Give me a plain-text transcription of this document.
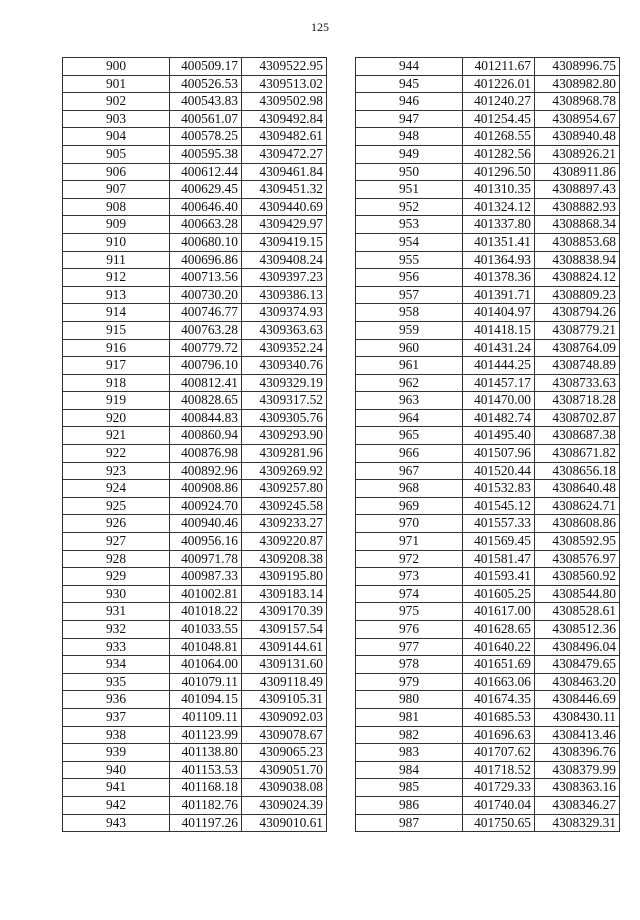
125
900	400509.17	4309522.95
901	400526.53	4309513.02
902	400543.83	4309502.98
903	400561.07	4309492.84
904	400578.25	4309482.61
905	400595.38	4309472.27
906	400612.44	4309461.84
907	400629.45	4309451.32
908	400646.40	4309440.69
909	400663.28	4309429.97
910	400680.10	4309419.15
911	400696.86	4309408.24
912	400713.56	4309397.23
913	400730.20	4309386.13
914	400746.77	4309374.93
915	400763.28	4309363.63
916	400779.72	4309352.24
917	400796.10	4309340.76
918	400812.41	4309329.19
919	400828.65	4309317.52
920	400844.83	4309305.76
921	400860.94	4309293.90
922	400876.98	4309281.96
923	400892.96	4309269.92
924	400908.86	4309257.80
925	400924.70	4309245.58
926	400940.46	4309233.27
927	400956.16	4309220.87
928	400971.78	4309208.38
929	400987.33	4309195.80
930	401002.81	4309183.14
931	401018.22	4309170.39
932	401033.55	4309157.54
933	401048.81	4309144.61
934	401064.00	4309131.60
935	401079.11	4309118.49
936	401094.15	4309105.31
937	401109.11	4309092.03
938	401123.99	4309078.67
939	401138.80	4309065.23
940	401153.53	4309051.70
941	401168.18	4309038.08
942	401182.76	4309024.39
943	401197.26	4309010.61
944	401211.67	4308996.75
945	401226.01	4308982.80
946	401240.27	4308968.78
947	401254.45	4308954.67
948	401268.55	4308940.48
949	401282.56	4308926.21
950	401296.50	4308911.86
951	401310.35	4308897.43
952	401324.12	4308882.93
953	401337.80	4308868.34
954	401351.41	4308853.68
955	401364.93	4308838.94
956	401378.36	4308824.12
957	401391.71	4308809.23
958	401404.97	4308794.26
959	401418.15	4308779.21
960	401431.24	4308764.09
961	401444.25	4308748.89
962	401457.17	4308733.63
963	401470.00	4308718.28
964	401482.74	4308702.87
965	401495.40	4308687.38
966	401507.96	4308671.82
967	401520.44	4308656.18
968	401532.83	4308640.48
969	401545.12	4308624.71
970	401557.33	4308608.86
971	401569.45	4308592.95
972	401581.47	4308576.97
973	401593.41	4308560.92
974	401605.25	4308544.80
975	401617.00	4308528.61
976	401628.65	4308512.36
977	401640.22	4308496.04
978	401651.69	4308479.65
979	401663.06	4308463.20
980	401674.35	4308446.69
981	401685.53	4308430.11
982	401696.63	4308413.46
983	401707.62	4308396.76
984	401718.52	4308379.99
985	401729.33	4308363.16
986	401740.04	4308346.27
987	401750.65	4308329.31
